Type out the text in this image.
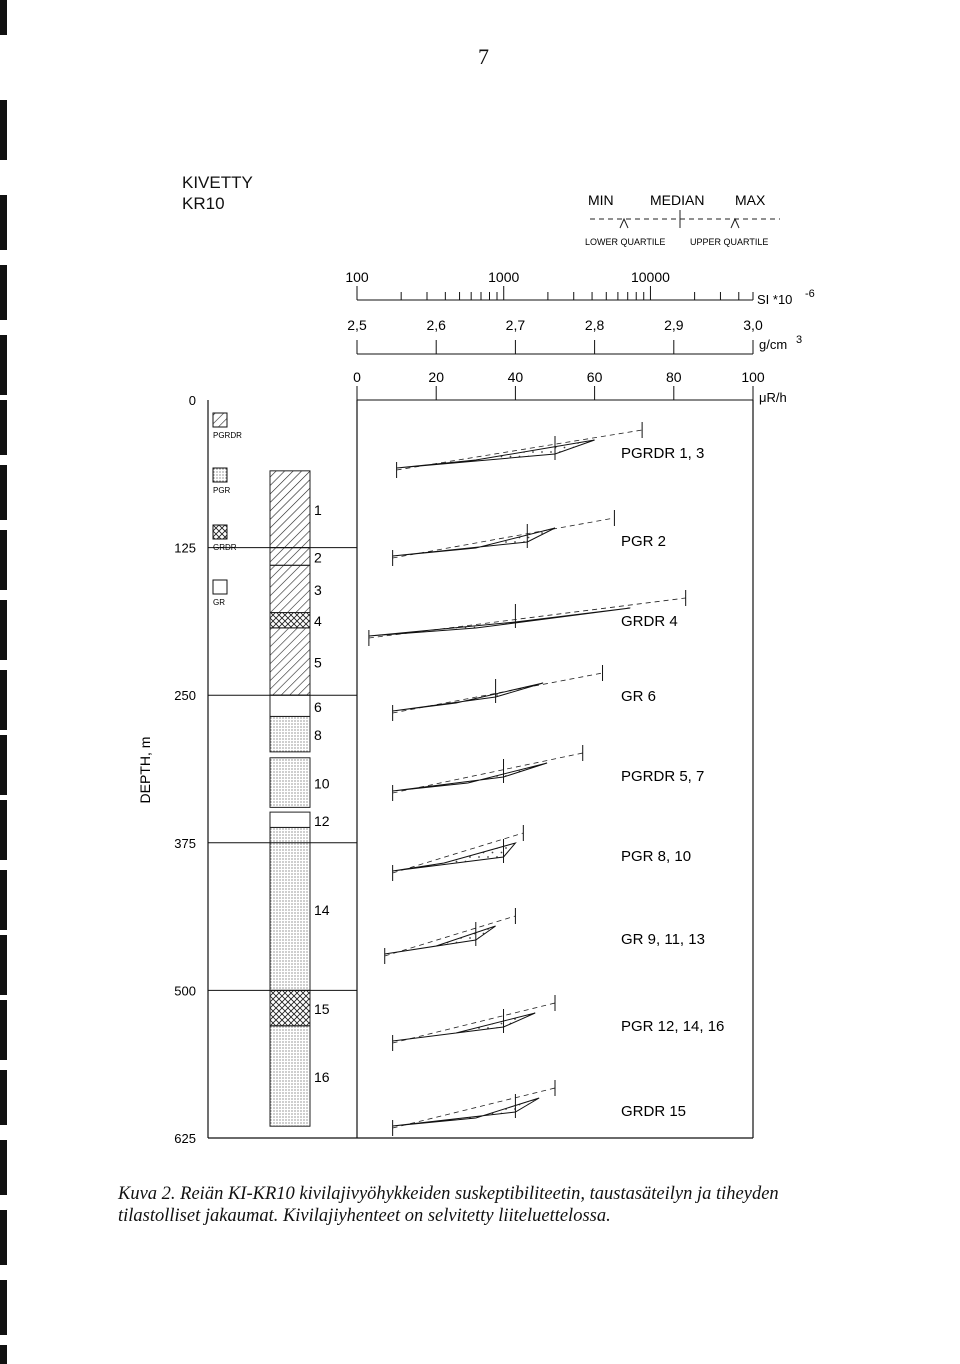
7
KIVETTY
KR10	MIN	MEDIAN MAX
LOWER QUARTILE	UPPER QUARTILE
100	1000	10000
SI *10 -6
2,5	2,6	2,7	2,8	2,9	3,0
g/cm 3
0	20	40	60	80	100
μR/h
1
2
3
4
5
6
8
10
12
14
15
16
PGRDR 1, 3
PGR 2
GRDR 4
GR 6
PGRDR 5, 7
PGR 8, 10
GR 9, 11, 13
PGR 12, 14, 16
GRDR 15
0
125
250
375
500
625
DEPTH, m
PGRDR
PGR
GRDR
GR
Kuva 2. Reiän KI-KR10 kivilajivyöhykkeiden suskeptibiliteetin, taustasäteilyn ja tiheyden
tilastolliset jakaumat. Kivilajiyhenteet on selvitetty liiteluettelossa.
